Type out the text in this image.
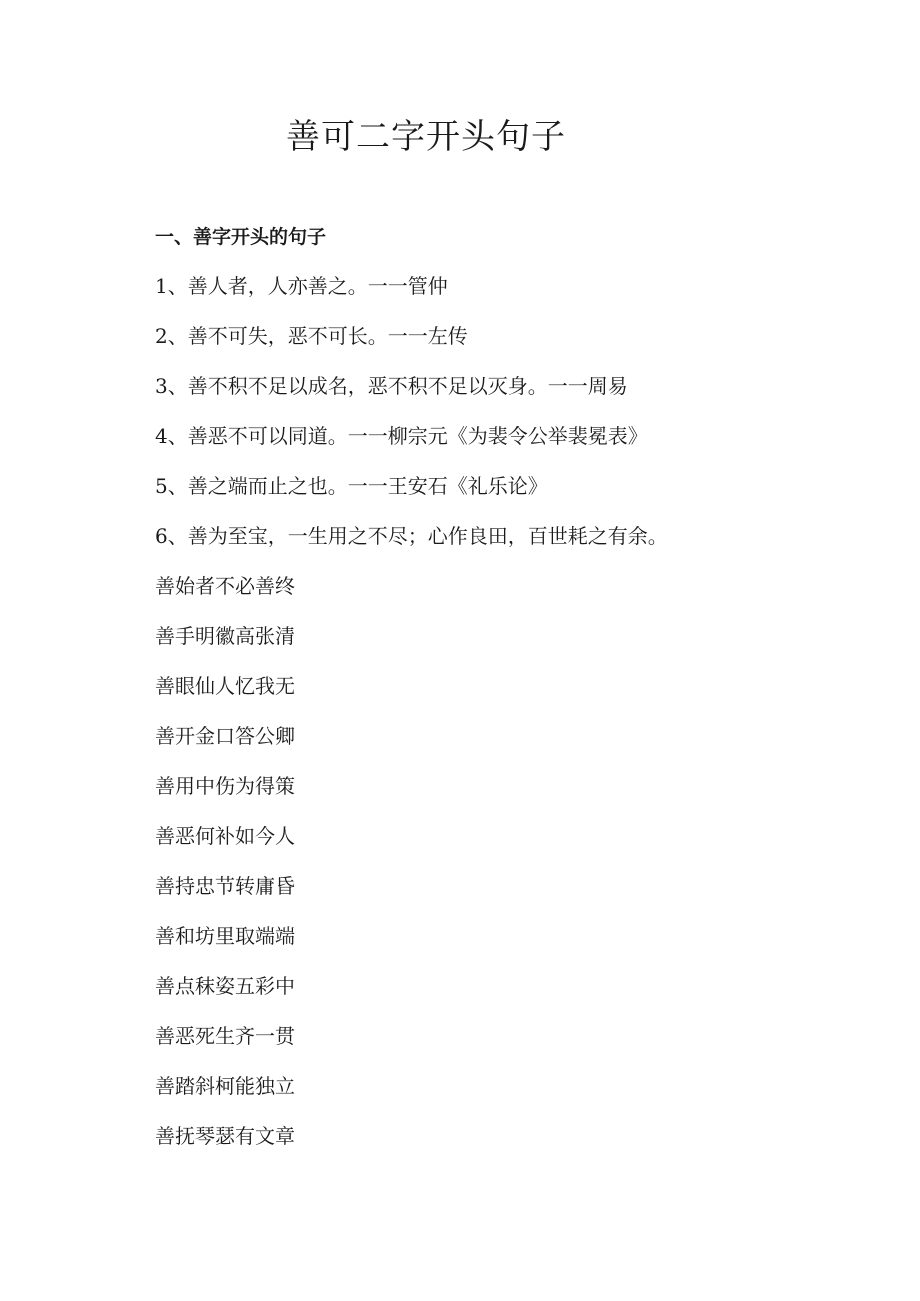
善可二字开头句子
一、善字开头的句子
1、善人者，人亦善之。一一管仲
2、善不可失，恶不可长。一一左传
3、善不积不足以成名，恶不积不足以灭身。一一周易
4、善恶不可以同道。一一柳宗元《为裴令公举裴冕表》
5、善之端而止之也。一一王安石《礼乐论》
6、善为至宝，一生用之不尽；心作良田，百世耗之有余。
善始者不必善终
善手明徽高张清
善眼仙人忆我无
善开金口答公卿
善用中伤为得策
善恶何补如今人
善持忠节转庸昏
善和坊里取端端
善点秣姿五彩中
善恶死生齐一贯
善踏斜柯能独立
善抚琴瑟有文章
